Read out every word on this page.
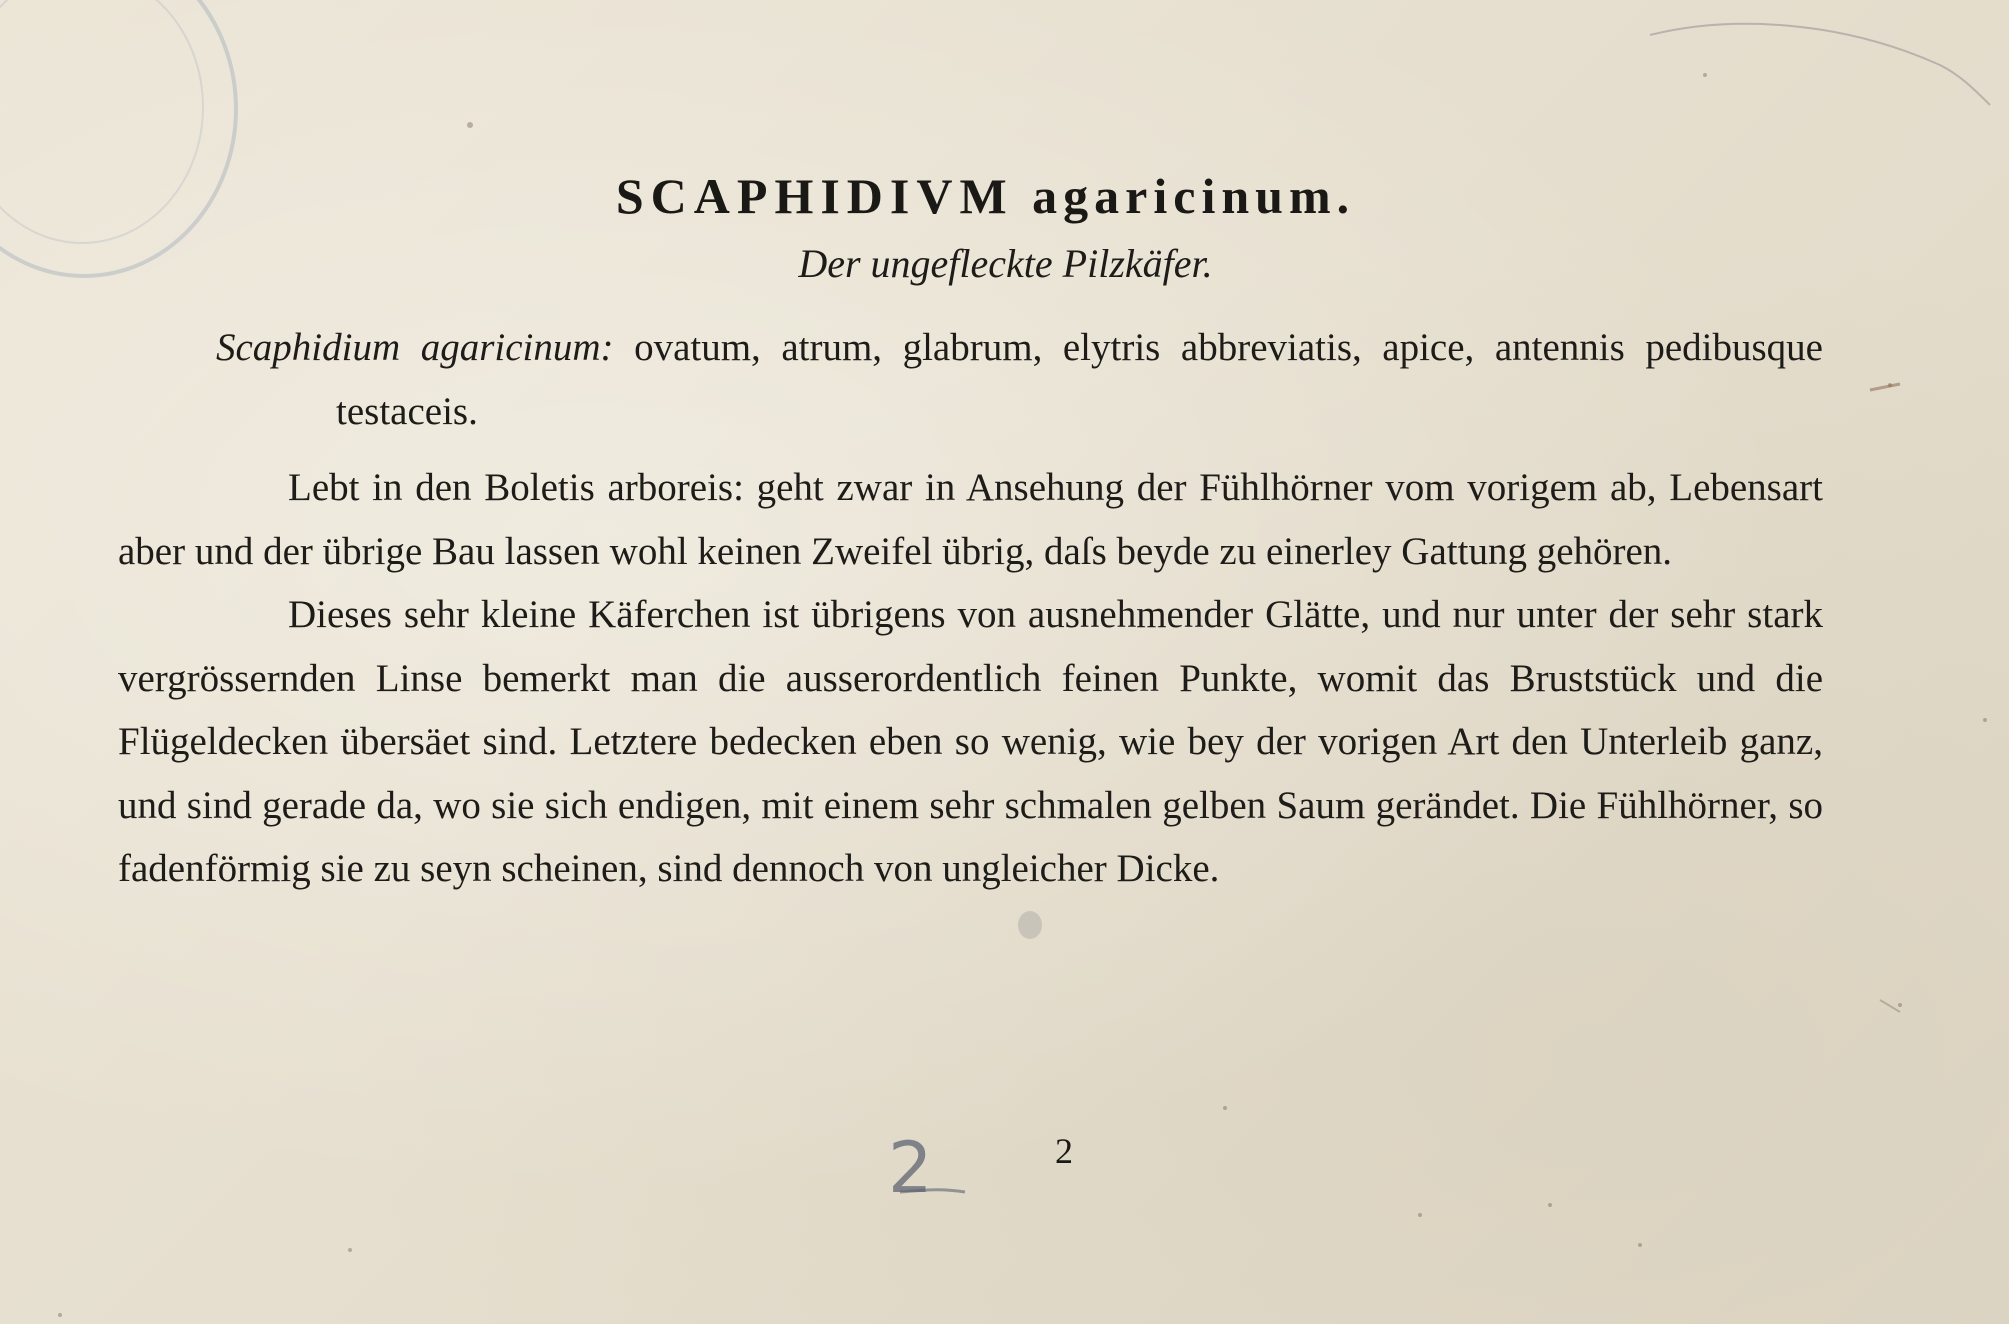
SCAPHIDIVM agaricinum.
Der ungefleckte Pilzkäfer.

Scaphidium agaricinum: ovatum, atrum, glabrum, elytris abbreviatis, apice, antennis pedibusque testaceis.

Lebt in den Boletis arboreis: geht zwar in Ansehung der Fühlhörner vom vorigem ab, Lebensart aber und der übrige Bau lassen wohl keinen Zweifel übrig, daſs beyde zu einerley Gattung gehören.

Dieses sehr kleine Käferchen ist übrigens von ausnehmender Glätte, und nur unter der sehr stark vergrössernden Linse bemerkt man die ausserordentlich feinen Punkte, womit das Bruststück und die Flügeldecken übersäet sind. Letztere bedecken eben so wenig, wie bey der vorigen Art den Unterleib ganz, und sind gerade da, wo sie sich endigen, mit einem sehr schmalen gelben Saum gerändet. Die Fühlhörner, so fadenförmig sie zu seyn scheinen, sind dennoch von ungleicher Dicke.

2	2
